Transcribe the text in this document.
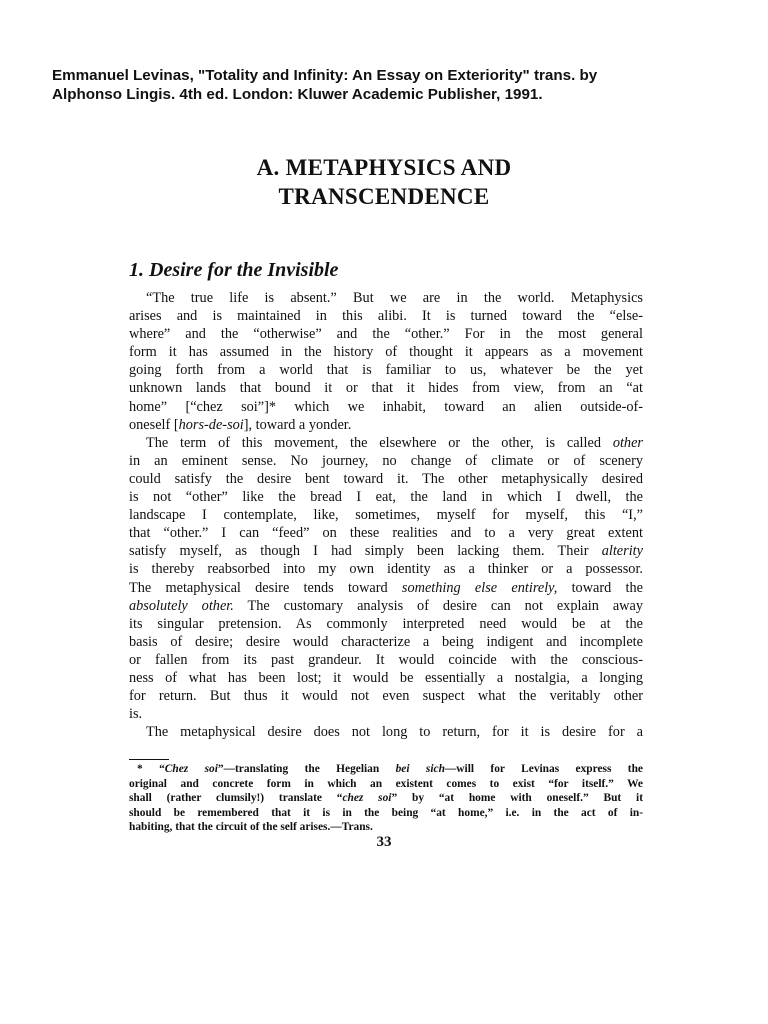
Emmanuel Levinas, "Totality and Infinity: An Essay on Exteriority" trans. by
Alphonso Lingis. 4th ed. London: Kluwer Academic Publisher, 1991.
A. METAPHYSICS AND
TRANSCENDENCE
1. Desire for the Invisible
“The true life is absent.” But we are in the world. Metaphysics
arises and is maintained in this alibi. It is turned toward the “else-
where” and the “otherwise” and the “other.” For in the most general
form it has assumed in the history of thought it appears as a movement
going forth from a world that is familiar to us, whatever be the yet
unknown lands that bound it or that it hides from view, from an “at
home” [“chez soi”]* which we inhabit, toward an alien outside-of-
oneself [hors-de-soi], toward a yonder.
The term of this movement, the elsewhere or the other, is called other
in an eminent sense. No journey, no change of climate or of scenery
could satisfy the desire bent toward it. The other metaphysically desired
is not “other” like the bread I eat, the land in which I dwell, the
landscape I contemplate, like, sometimes, myself for myself, this “I,”
that “other.” I can “feed” on these realities and to a very great extent
satisfy myself, as though I had simply been lacking them. Their alterity
is thereby reabsorbed into my own identity as a thinker or a possessor.
The metaphysical desire tends toward something else entirely, toward the
absolutely other. The customary analysis of desire can not explain away
its singular pretension. As commonly interpreted need would be at the
basis of desire; desire would characterize a being indigent and incomplete
or fallen from its past grandeur. It would coincide with the conscious-
ness of what has been lost; it would be essentially a nostalgia, a longing
for return. But thus it would not even suspect what the veritably other
is.
The metaphysical desire does not long to return, for it is desire for a
* “Chez soi”—translating the Hegelian bei sich—will for Levinas express the
original and concrete form in which an existent comes to exist “for itself.” We
shall (rather clumsily!) translate “chez soi” by “at home with oneself.” But it
should be remembered that it is in the being “at home,” i.e. in the act of in-
habiting, that the circuit of the self arises.—Trans.
33
